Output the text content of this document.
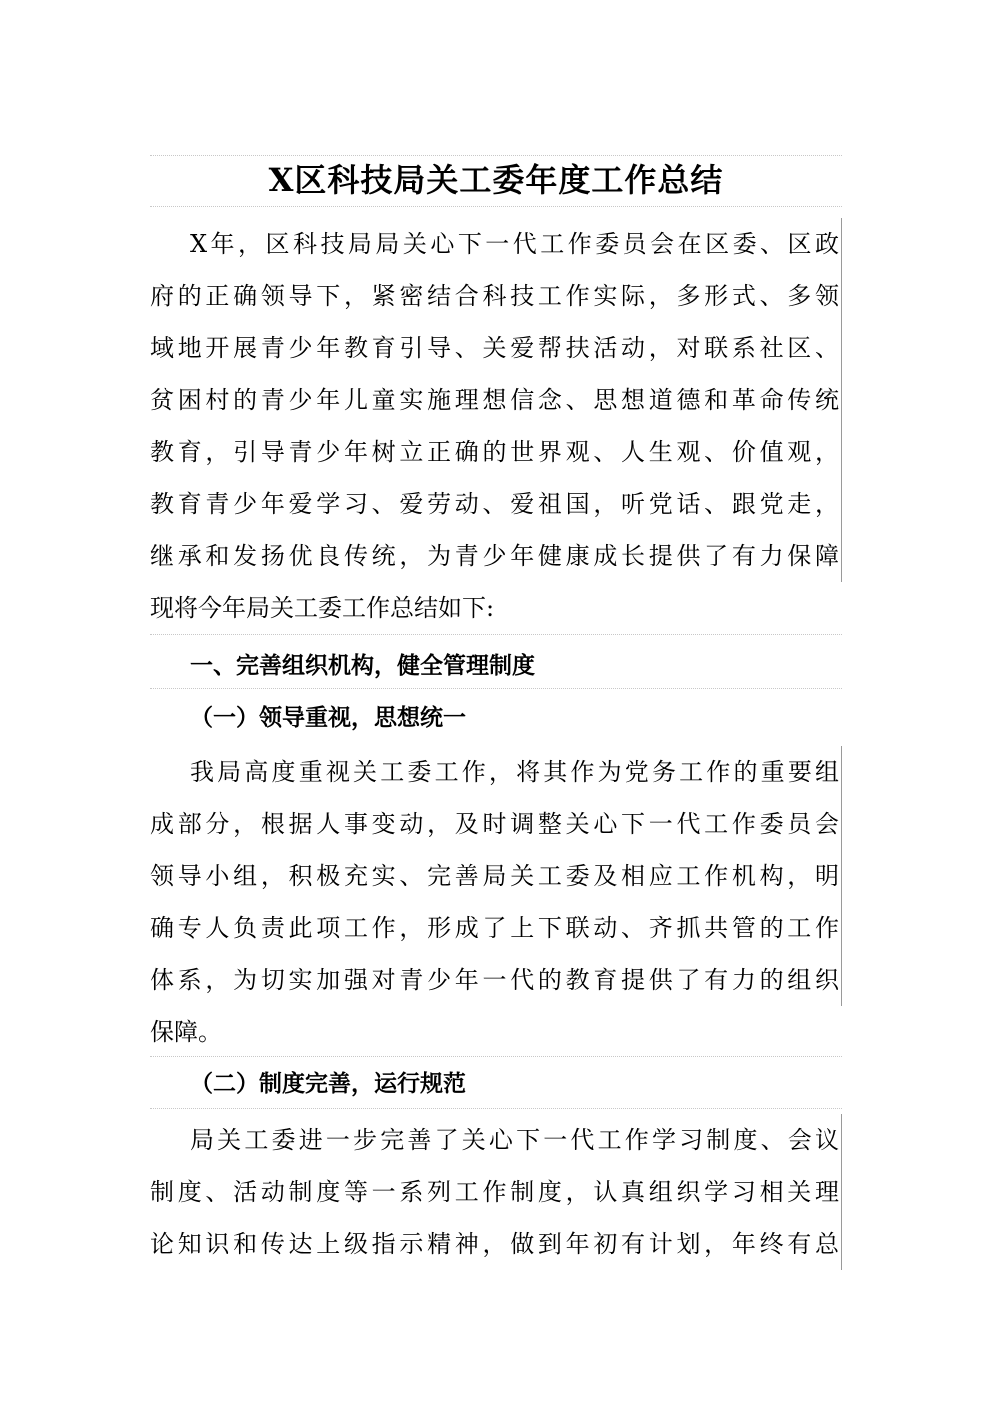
X区科技局关工委年度工作总结
X年，区科技局局关心下一代工作委员会在区委、区政
府的正确领导下，紧密结合科技工作实际，多形式、多领
域地开展青少年教育引导、关爱帮扶活动，对联系社区、
贫困村的青少年儿童实施理想信念、思想道德和革命传统
教育，引导青少年树立正确的世界观、人生观、价值观，
教育青少年爱学习、爱劳动、爱祖国，听党话、跟党走，
继承和发扬优良传统，为青少年健康成长提供了有力保障
现将今年局关工委工作总结如下:
一、完善组织机构，健全管理制度
（一）领导重视，思想统一
我局高度重视关工委工作，将其作为党务工作的重要组
成部分，根据人事变动，及时调整关心下一代工作委员会
领导小组，积极充实、完善局关工委及相应工作机构，明
确专人负责此项工作，形成了上下联动、齐抓共管的工作
体系，为切实加强对青少年一代的教育提供了有力的组织
保障。
（二）制度完善，运行规范
局关工委进一步完善了关心下一代工作学习制度、会议
制度、活动制度等一系列工作制度，认真组织学习相关理
论知识和传达上级指示精神，做到年初有计划，年终有总
